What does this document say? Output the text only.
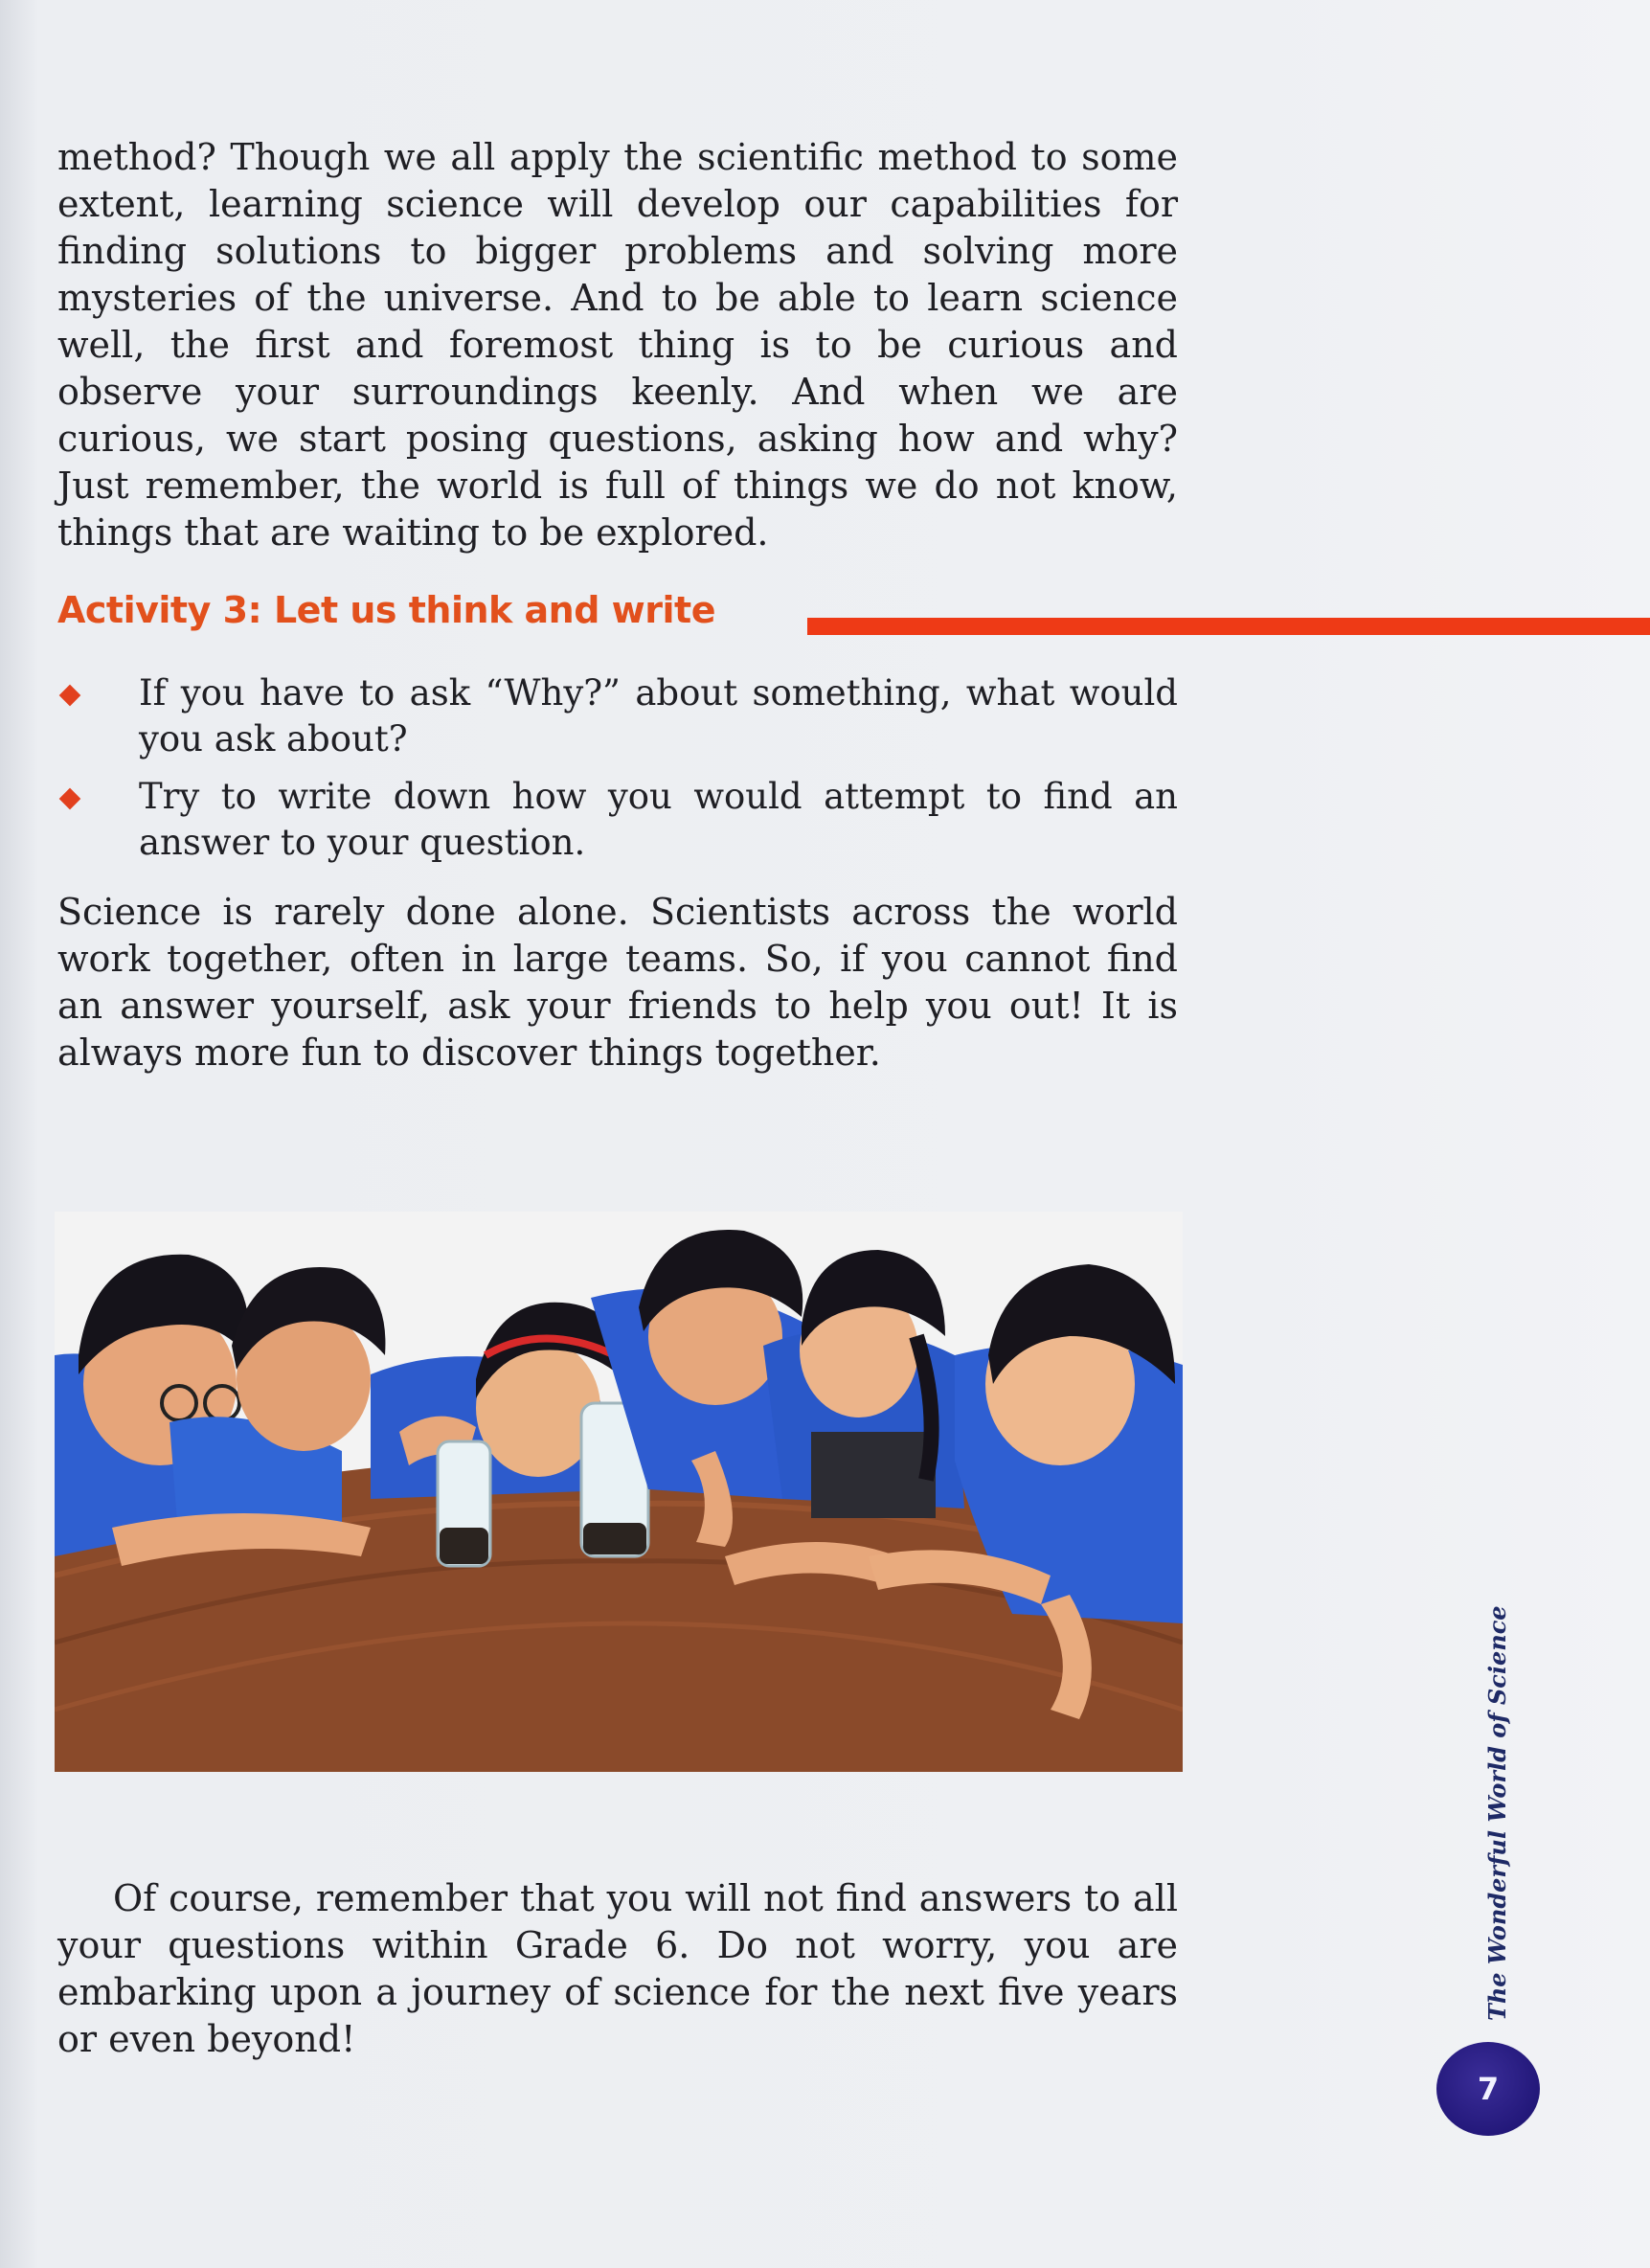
method? Though we all apply the scientific method to some extent, learning science will develop our capabilities for finding solutions to bigger problems and solving more mysteries of the universe. And to be able to learn science well, the first and foremost thing is to be curious and observe your surroundings keenly. And when we are curious, we start posing questions, asking how and why? Just remember, the world is full of things we do not know, things that are waiting to be explored.

Activity 3: Let us think and write
If you have to ask “Why?” about something, what would you ask about?
Try to write down how you would attempt to find an answer to your question.

Science is rarely done alone. Scientists across the world work together, often in large teams. So, if you cannot find an answer yourself, ask your friends to help you out! It is always more fun to discover things together.

Of course, remember that you will not find answers to all your questions within Grade 6. Do not worry, you are embarking upon a journey of science for the next five years or even beyond!

The Wonderful World of Science
7
